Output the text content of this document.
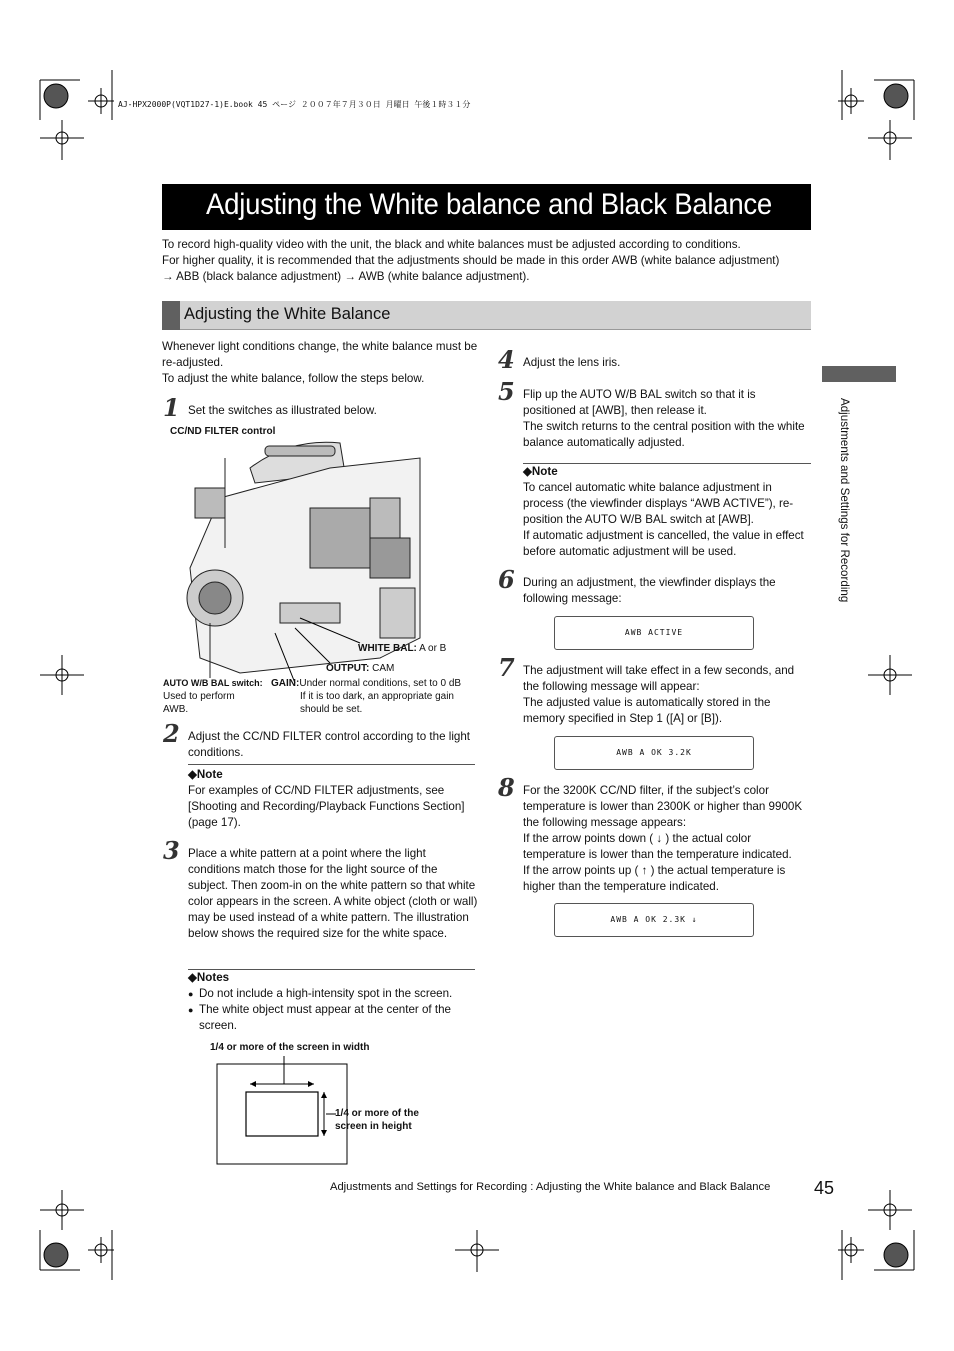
AJ-HPX2000P(VQT1D27-1)E.book 45 ページ ２００７年７月３０日 月曜日 午後１時３１分
Adjusting the White balance and Black Balance
To record high-quality video with the unit, the black and white balances must be adjusted according to conditions.
For higher quality, it is recommended that the adjustments should be made in this order AWB (white balance adjustment)
→ ABB (black balance adjustment) → AWB (white balance adjustment).
Adjusting the White Balance
Whenever light conditions change, the white balance must be re-adjusted.
To adjust the white balance, follow the steps below.
1 Set the switches as illustrated below.
CC/ND FILTER control
WHITE BAL: A or B
OUTPUT: CAM
AUTO W/B BAL switch:
Used to perform
AWB.
GAIN:Under normal conditions, set to 0 dB
If it is too dark, an appropriate gain
should be set.
2 Adjust the CC/ND FILTER control according to the light conditions.
◆Note
For examples of CC/ND FILTER adjustments, see [Shooting and Recording/Playback Functions Section] (page 17).
3 Place a white pattern at a point where the light conditions match those for the light source of the subject. Then zoom-in on the white pattern so that white color appears in the screen. A white object (cloth or wall) may be used instead of a white pattern. The illustration below shows the required size for the white space.
◆Notes
● Do not include a high-intensity spot in the screen.
● The white object must appear at the center of the screen.
1/4 or more of the screen in width
1/4 or more of the
screen in height
4 Adjust the lens iris.
5 Flip up the AUTO W/B BAL switch so that it is positioned at [AWB], then release it.
The switch returns to the central position with the white balance automatically adjusted.
◆Note
To cancel automatic white balance adjustment in process (the viewfinder displays “AWB ACTIVE”), re-position the AUTO W/B BAL switch at [AWB].
If automatic adjustment is cancelled, the value in effect before automatic adjustment will be used.
6 During an adjustment, the viewfinder displays the following message:
AWB ACTIVE
7 The adjustment will take effect in a few seconds, and the following message will appear:
The adjusted value is automatically stored in the memory specified in Step 1 ([A] or [B]).
AWB A OK 3.2K
8 For the 3200K CC/ND filter, if the subject’s color temperature is lower than 2300K or higher than 9900K the following message appears:
If the arrow points down ( ↓ ) the actual color temperature is lower than the temperature indicated.
If the arrow points up ( ↑ ) the actual temperature is higher than the temperature indicated.
AWB A OK 2.3K ↓
Adjustments and Settings for Recording
Adjustments and Settings for Recording : Adjusting the White balance and Black Balance 45
